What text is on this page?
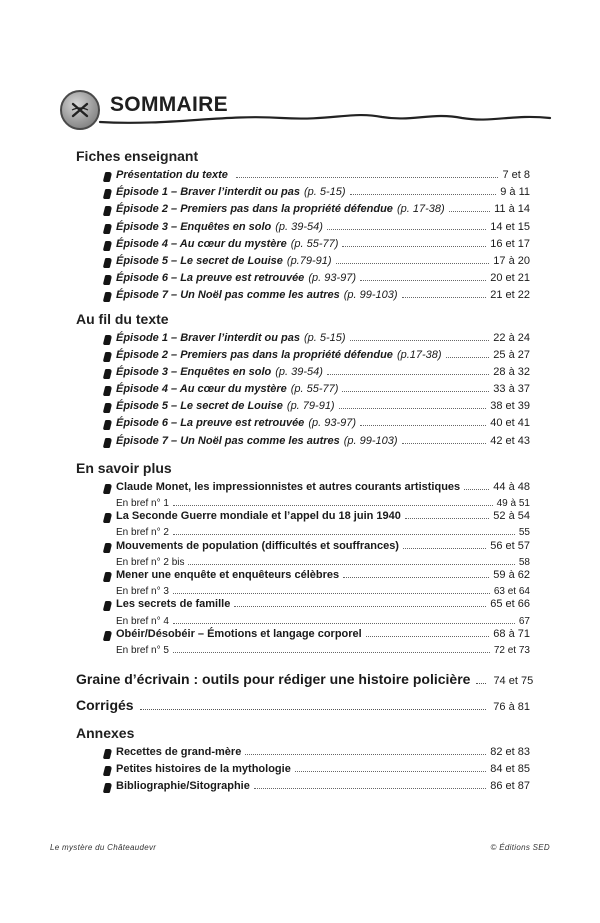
SOMMAIRE
Fiches enseignant
Présentation du texte	7 et 8
Épisode 1 – Braver l’interdit ou pas (p. 5-15)	9 à 11
Épisode 2 – Premiers pas dans la propriété défendue (p. 17-38)	11 à 14
Épisode 3 – Enquêtes en solo (p. 39-54)	14 et 15
Épisode 4 – Au cœur du mystère (p. 55-77)	16 et 17
Épisode 5 – Le secret de Louise (p.79-91)	17 à 20
Épisode 6 – La preuve est retrouvée (p. 93-97)	20 et 21
Épisode 7 – Un Noël pas comme les autres (p. 99-103)	21 et 22
Au fil du texte
Épisode 1 – Braver l’interdit ou pas (p. 5-15)	22 à 24
Épisode 2 – Premiers pas dans la propriété défendue (p.17-38)	25 à 27
Épisode 3 – Enquêtes en solo (p. 39-54)	28 à 32
Épisode 4 – Au cœur du mystère (p. 55-77)	33 à 37
Épisode 5 – Le secret de Louise (p. 79-91)	38 et 39
Épisode 6 – La preuve est retrouvée (p. 93-97)	40 et 41
Épisode 7 – Un Noël pas comme les autres (p. 99-103)	42 et 43
En savoir plus
Claude Monet, les impressionnistes et autres courants artistiques	44 à 48
En bref n° 1	49 à 51
La Seconde Guerre mondiale et l’appel du 18 juin 1940	52 à 54
En bref n° 2	55
Mouvements de population (difficultés et souffrances)	56 et 57
En bref n° 2 bis	58
Mener une enquête et enquêteurs célèbres	59 à 62
En bref n° 3	63 et 64
Les secrets de famille	65 et 66
En bref n° 4	67
Obéir/Désobéir – Émotions et langage corporel	68 à 71
En bref n° 5	72 et 73
Graine d’écrivain : outils pour rédiger une histoire policière 74 et 75
Corrigés	76 à 81
Annexes
Recettes de grand-mère	82 et 83
Petites histoires de la mythologie	84 et 85
Bibliographie/Sitographie	86 et 87
Le mystère du Châteaudevr	© Éditions SED
